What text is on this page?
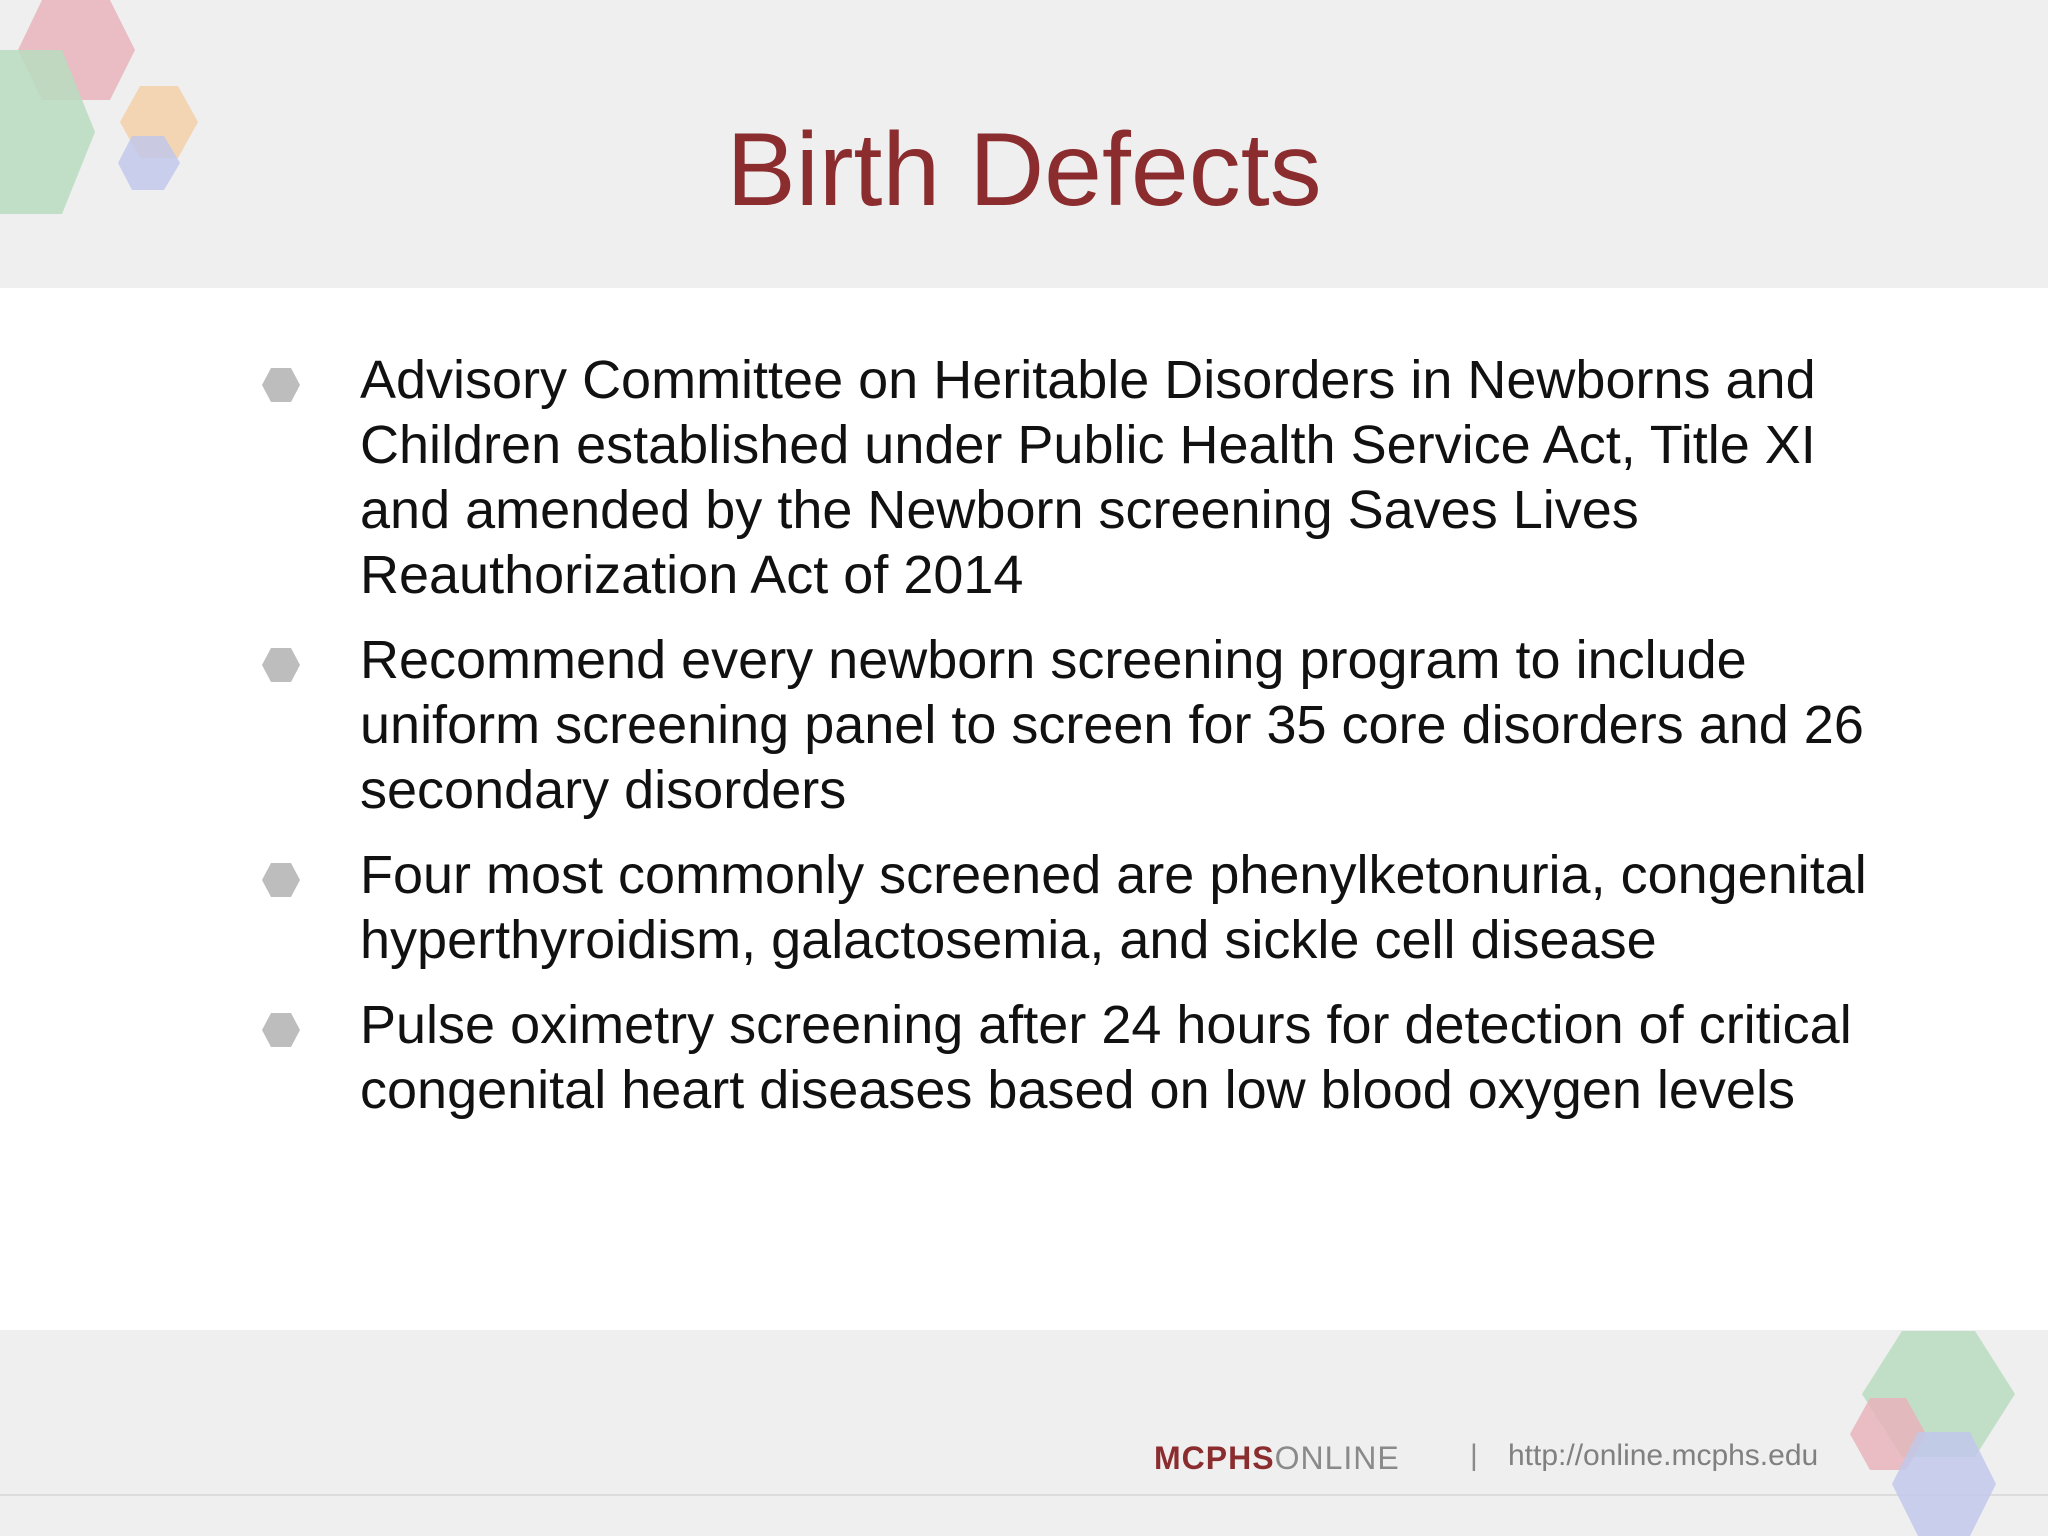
Birth Defects
Advisory Committee on Heritable Disorders in Newborns and Children established under Public Health Service Act, Title XI and amended by the Newborn screening Saves Lives Reauthorization Act of 2014
Recommend every newborn screening program to include uniform screening panel to screen for 35 core disorders and 26 secondary disorders
Four most commonly screened are phenylketonuria, congenital hyperthyroidism, galactosemia, and sickle cell disease
Pulse oximetry screening after 24 hours for detection of critical congenital heart diseases based on low blood oxygen levels
MCPHSONLINE | http://online.mcphs.edu
